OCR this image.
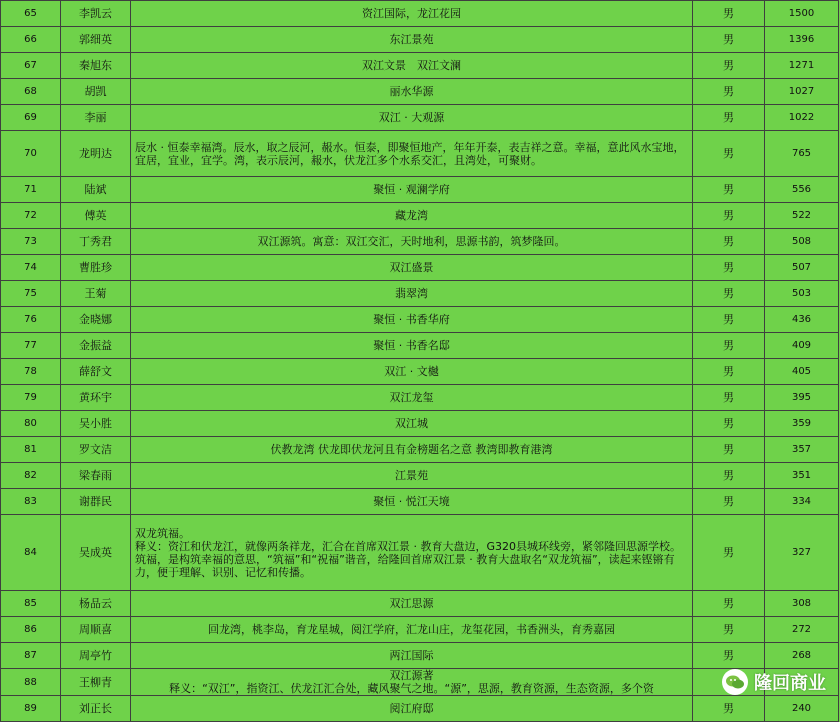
65	李凯云	资江国际，龙江花园	男	1500
66	郭细英	东江景苑	男	1396
67	秦旭东	双江文景　双江文澜	男	1271
68	胡凯	丽水华源	男	1027
69	李丽	双江 · 大观源	男	1022
70	龙明达	辰水 · 恒泰幸福湾。辰水，取之辰河，赧水。恒泰，即聚恒地产，年年开泰，表吉祥之意。幸福，意此风水宝地，宜居，宜业，宜学。湾，表示辰河，赧水，伏龙江多个水系交汇，且湾处，可聚财。	男	765
71	陆斌	聚恒 · 观澜学府	男	556
72	傅英	藏龙湾	男	522
73	丁秀君	双江源筑。寓意：双江交汇，天时地利，思源书韵，筑梦隆回。	男	508
74	曹胜珍	双江盛景	男	507
75	王菊	翡翠湾	男	503
76	金晓娜	聚恒 · 书香华府	男	436
77	金振益	聚恒 · 书香名邸	男	409
78	薛舒文	双江 · 文樾	男	405
79	黄环宇	双江龙玺	男	395
80	吴小胜	双江城	男	359
81	罗文洁	伏教龙湾 伏龙即伏龙河且有金榜题名之意 教湾即教育港湾	男	357
82	梁春雨	江景苑	男	351
83	谢群民	聚恒 · 悦江天境	男	334
84	吴成英	双龙筑福。
释义：资江和伏龙江，就像两条祥龙，汇合在首席双江景 · 教育大盘边，G320县城环线旁，紧邻隆回思源学校。筑福，是构筑幸福的意思，“筑福”和“祝福”谐音，给隆回首席双江景 · 教育大盘取名“双龙筑福”，读起来铿锵有力，便于理解、识别、记忆和传播。	男	327
85	杨品云	双江思源	男	308
86	周顺喜	回龙湾，桃李岛，育龙星城，阅江学府，汇龙山庄，龙玺花园，书香洲头，育秀嘉园	男	272
87	周亭竹	两江国际	男	268
88	王柳青	双江源著
释义：“双江”，指资江、伏龙江汇合处，藏风聚气之地。“源”，思源，教育资源，生态资源，多个资		
89	刘正长	阅江府邸	男	240
隆回商业
